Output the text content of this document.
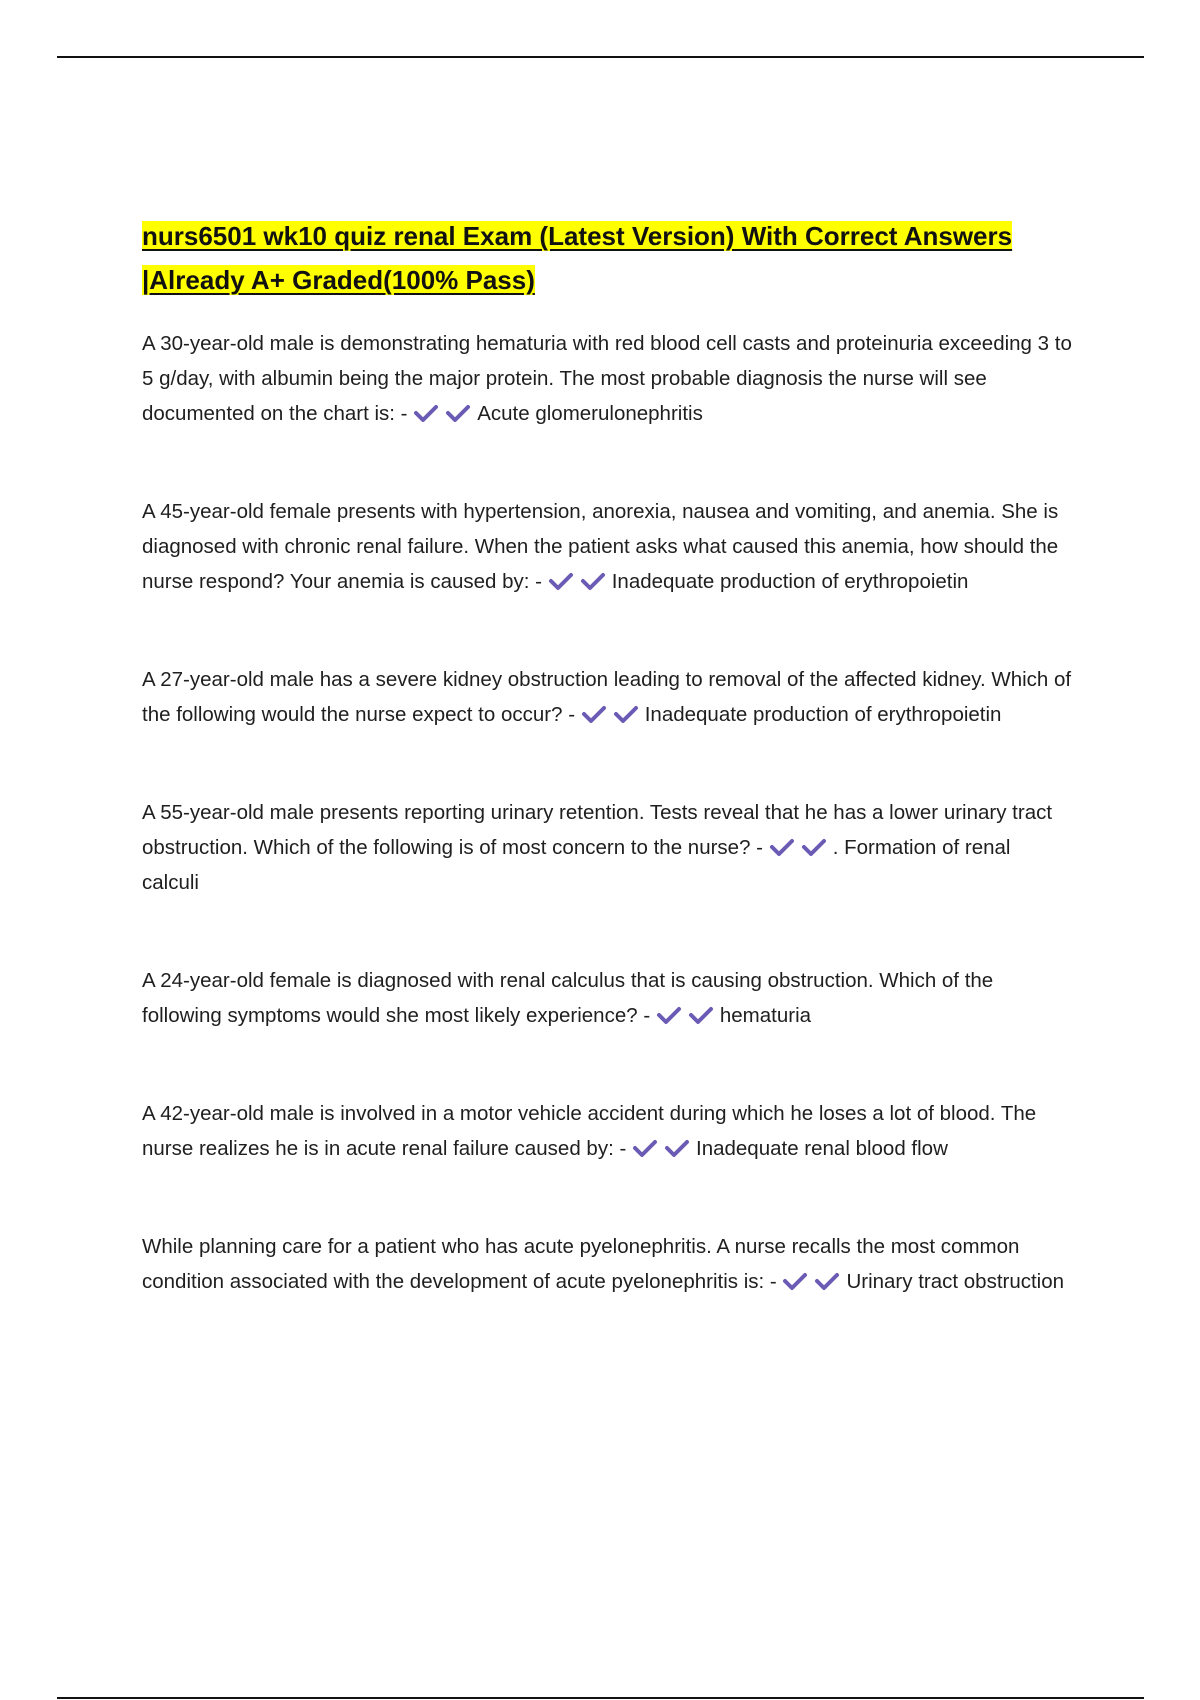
nurs6501 wk10 quiz renal Exam (Latest Version) With Correct Answers |Already A+ Graded(100% Pass)

A 30-year-old male is demonstrating hematuria with red blood cell casts and proteinuria exceeding 3 to 5 g/day, with albumin being the major protein. The most probable diagnosis the nurse will see documented on the chart is: -	Acute glomerulonephritis

A 45-year-old female presents with hypertension, anorexia, nausea and vomiting, and anemia. She is diagnosed with chronic renal failure. When the patient asks what caused this anemia, how should the nurse respond? Your anemia is caused by: -	Inadequate production of erythropoietin

A 27-year-old male has a severe kidney obstruction leading to removal of the affected kidney. Which of the following would the nurse expect to occur? -	Inadequate production of erythropoietin

A 55-year-old male presents reporting urinary retention. Tests reveal that he has a lower urinary tract obstruction. Which of the following is of most concern to the nurse? -	. Formation of renal calculi

A 24-year-old female is diagnosed with renal calculus that is causing obstruction. Which of the following symptoms would she most likely experience? -	hematuria

A 42-year-old male is involved in a motor vehicle accident during which he loses a lot of blood. The nurse realizes he is in acute renal failure caused by: -	Inadequate renal blood flow

While planning care for a patient who has acute pyelonephritis. A nurse recalls the most common condition associated with the development of acute pyelonephritis is: -	Urinary tract obstruction
